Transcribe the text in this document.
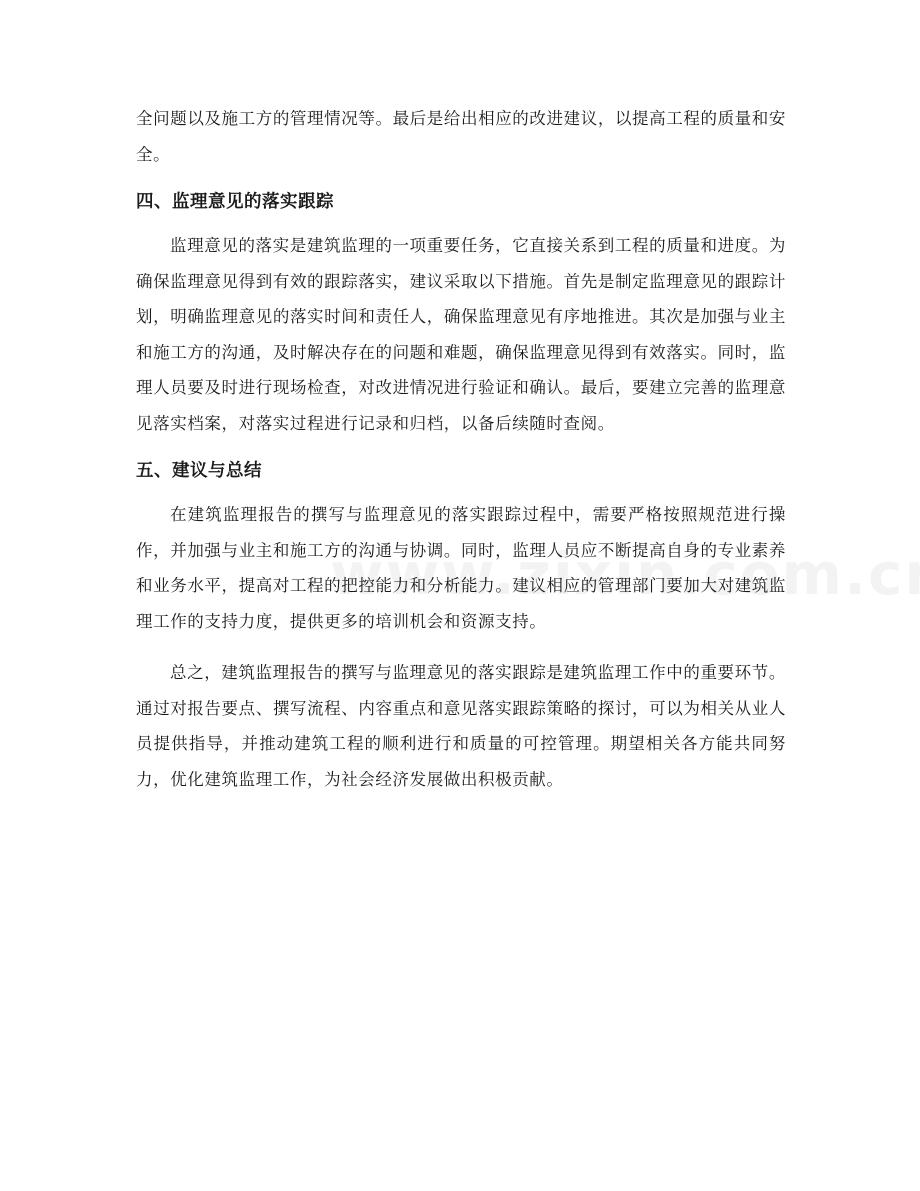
全问题以及施工方的管理情况等。最后是给出相应的改进建议，以提高工程的质量和安全。

四、监理意见的落实跟踪

监理意见的落实是建筑监理的一项重要任务，它直接关系到工程的质量和进度。为确保监理意见得到有效的跟踪落实，建议采取以下措施。首先是制定监理意见的跟踪计划，明确监理意见的落实时间和责任人，确保监理意见有序地推进。其次是加强与业主和施工方的沟通，及时解决存在的问题和难题，确保监理意见得到有效落实。同时，监理人员要及时进行现场检查，对改进情况进行验证和确认。最后，要建立完善的监理意见落实档案，对落实过程进行记录和归档，以备后续随时查阅。

五、建议与总结

在建筑监理报告的撰写与监理意见的落实跟踪过程中，需要严格按照规范进行操作，并加强与业主和施工方的沟通与协调。同时，监理人员应不断提高自身的专业素养和业务水平，提高对工程的把控能力和分析能力。建议相应的管理部门要加大对建筑监理工作的支持力度，提供更多的培训机会和资源支持。

总之，建筑监理报告的撰写与监理意见的落实跟踪是建筑监理工作中的重要环节。通过对报告要点、撰写流程、内容重点和意见落实跟踪策略的探讨，可以为相关从业人员提供指导，并推动建筑工程的顺利进行和质量的可控管理。期望相关各方能共同努力，优化建筑监理工作，为社会经济发展做出积极贡献。
